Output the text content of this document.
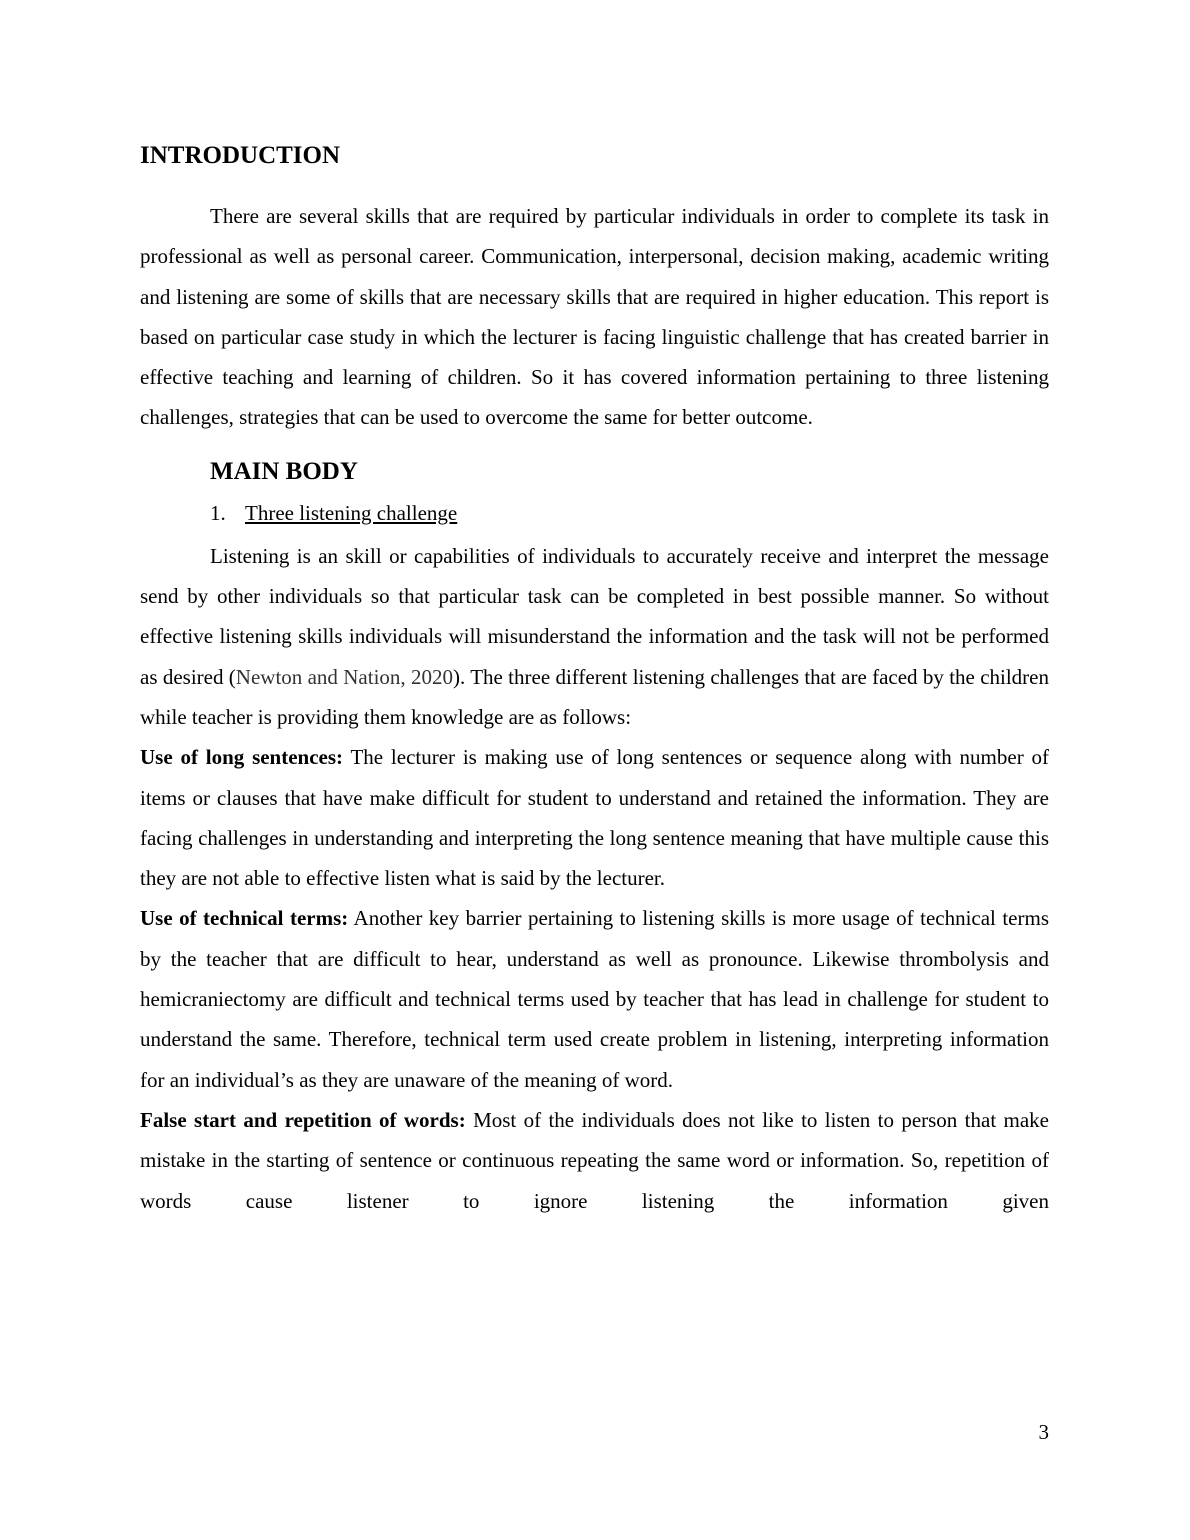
INTRODUCTION

There are several skills that are required by particular individuals in order to complete its task in professional as well as personal career. Communication, interpersonal, decision making, academic writing and listening are some of skills that are necessary skills that are required in higher education. This report is based on particular case study in which the lecturer is facing linguistic challenge that has created barrier in effective teaching and learning of children. So it has covered information pertaining to three listening challenges, strategies that can be used to overcome the same for better outcome.

MAIN BODY
1. Three listening challenge

Listening is an skill or capabilities of individuals to accurately receive and interpret the message send by other individuals so that particular task can be completed in best possible manner. So without effective listening skills individuals will misunderstand the information and the task will not be performed as desired (Newton and Nation, 2020). The three different listening challenges that are faced by the children while teacher is providing them knowledge are as follows:

Use of long sentences: The lecturer is making use of long sentences or sequence along with number of items or clauses that have make difficult for student to understand and retained the information. They are facing challenges in understanding and interpreting the long sentence meaning that have multiple cause this they are not able to effective listen what is said by the lecturer.

Use of technical terms: Another key barrier pertaining to listening skills is more usage of technical terms by the teacher that are difficult to hear, understand as well as pronounce. Likewise thrombolysis and hemicraniectomy are difficult and technical terms used by teacher that has lead in challenge for student to understand the same. Therefore, technical term used create problem in listening, interpreting information for an individual’s as they are unaware of the meaning of word.

False start and repetition of words: Most of the individuals does not like to listen to person that make mistake in the starting of sentence or continuous repeating the same word or information. So, repetition of words cause listener to ignore listening the information given

3
